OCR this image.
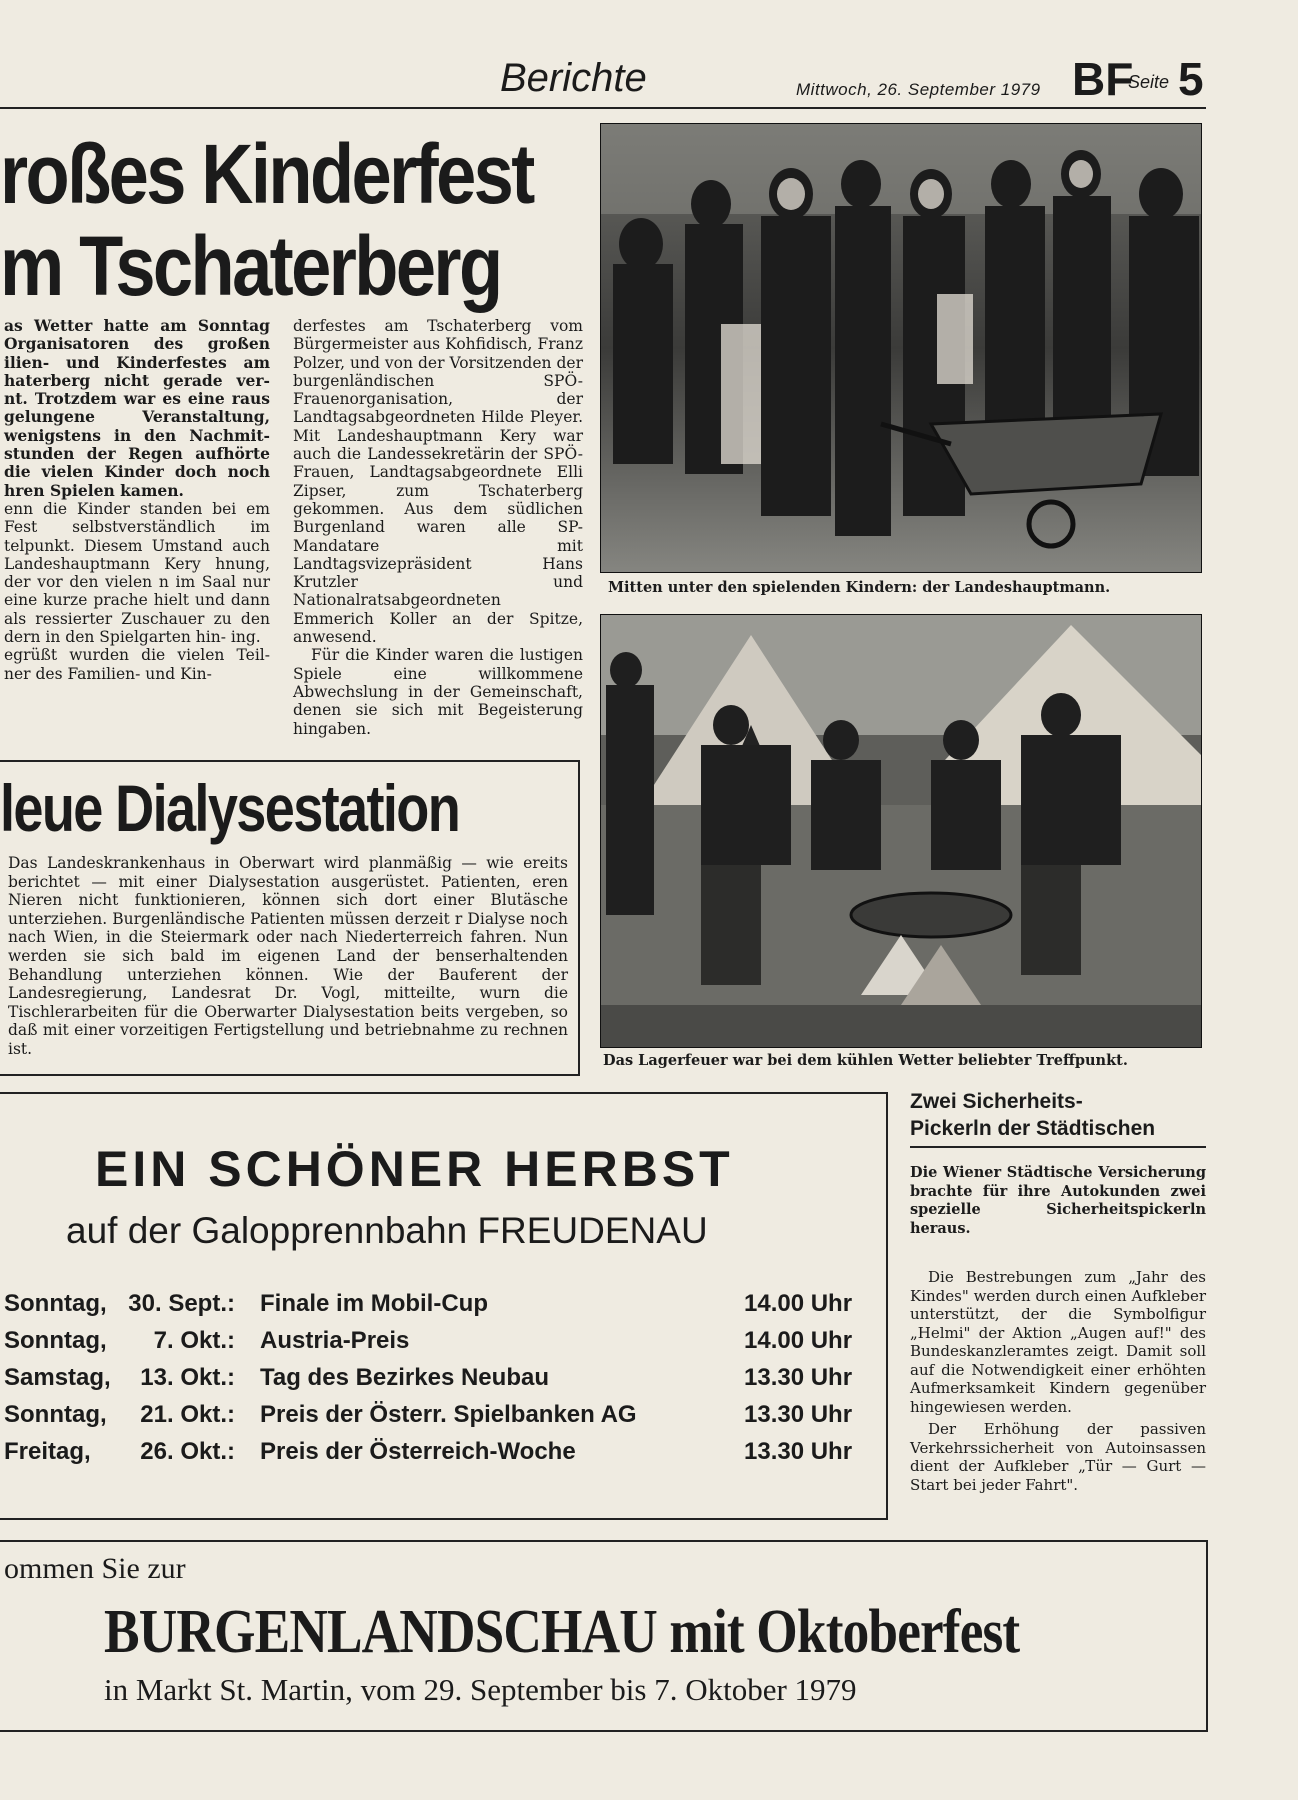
Berichte	Mittwoch, 26. September 1979 BF
Seite 5
roßes Kinderfest
m Tschaterberg

as Wetter hatte am Sonntag Organisatoren des großen ilien- und Kinderfestes am haterberg nicht gerade ver- nt. Trotzdem war es eine raus gelungene Veranstaltung, wenigstens in den Nachmit- stunden der Regen aufhörte die vielen Kinder doch noch hren Spielen kamen.

enn die Kinder standen bei em Fest selbstverständlich im telpunkt. Diesem Umstand auch Landeshauptmann Kery hnung, der vor den vielen n im Saal nur eine kurze prache hielt und dann als ressierter Zuschauer zu den dern in den Spielgarten hin- ing.

egrüßt wurden die vielen Teil- ner des Familien- und Kin-

derfestes am Tschaterberg vom Bürgermeister aus Kohfidisch, Franz Polzer, und von der Vorsitzenden der burgenländischen SPÖ-Frauenorganisation, der Landtagsabgeordneten Hilde Pleyer. Mit Landeshauptmann Kery war auch die Landessekretärin der SPÖ-Frauen, Landtagsabgeordnete Elli Zipser, zum Tschaterberg gekommen. Aus dem südlichen Burgenland waren alle SP-Mandatare mit Landtagsvizepräsident Hans Krutzler und Nationalratsabgeordneten Emmerich Koller an der Spitze, anwesend.

Für die Kinder waren die lustigen Spiele eine willkommene Abwechslung in der Gemeinschaft, denen sie sich mit Begeisterung hingaben.

Mitten unter den spielenden Kindern: der Landeshauptmann.
Das Lagerfeuer war bei dem kühlen Wetter beliebter Treffpunkt.
leue Dialysestation
Das Landeskrankenhaus in Oberwart wird planmäßig — wie ereits berichtet — mit einer Dialysestation ausgerüstet. Patienten, eren Nieren nicht funktionieren, können sich dort einer Blutäsche unterziehen. Burgenländische Patienten müssen derzeit r Dialyse noch nach Wien, in die Steiermark oder nach Niederterreich fahren. Nun werden sie sich bald im eigenen Land der benserhaltenden Behandlung unterziehen können. Wie der Bauferent der Landesregierung, Landesrat Dr. Vogl, mitteilte, wurn die Tischlerarbeiten für die Oberwarter Dialysestation beits vergeben, so daß mit einer vorzeitigen Fertigstellung und betriebnahme zu rechnen ist.
EIN SCHÖNER HERBST
auf der Galopprennbahn FREUDENAU
Sonntag, 30. Sept.: Finale im Mobil-Cup	14.00 Uhr
Sonntag,	7. Okt.: Austria-Preis	14.00 Uhr
Samstag,	13. Okt.: Tag des Bezirkes Neubau	13.30 Uhr
Sonntag,	21. Okt.: Preis der Österr. Spielbanken AG	13.30 Uhr
Freitag,	26. Okt.: Preis der Österreich-Woche	13.30 Uhr
Zwei Sicherheits-
Pickerln der Städtischen
Die Wiener Städtische Versicherung brachte für ihre Autokunden zwei spezielle Sicherheitspickerln heraus.

Die Bestrebungen zum „Jahr des Kindes" werden durch einen Aufkleber unterstützt, der die Symbolfigur „Helmi" der Aktion „Augen auf!" des Bundeskanzleramtes zeigt. Damit soll auf die Notwendigkeit einer erhöhten Aufmerksamkeit Kindern gegenüber hingewiesen werden.

Der Erhöhung der passiven Verkehrssicherheit von Autoinsassen dient der Aufkleber „Tür — Gurt — Start bei jeder Fahrt".

ommen Sie zur
BURGENLANDSCHAU mit Oktoberfest
in Markt St. Martin, vom 29. September bis 7. Oktober 1979
